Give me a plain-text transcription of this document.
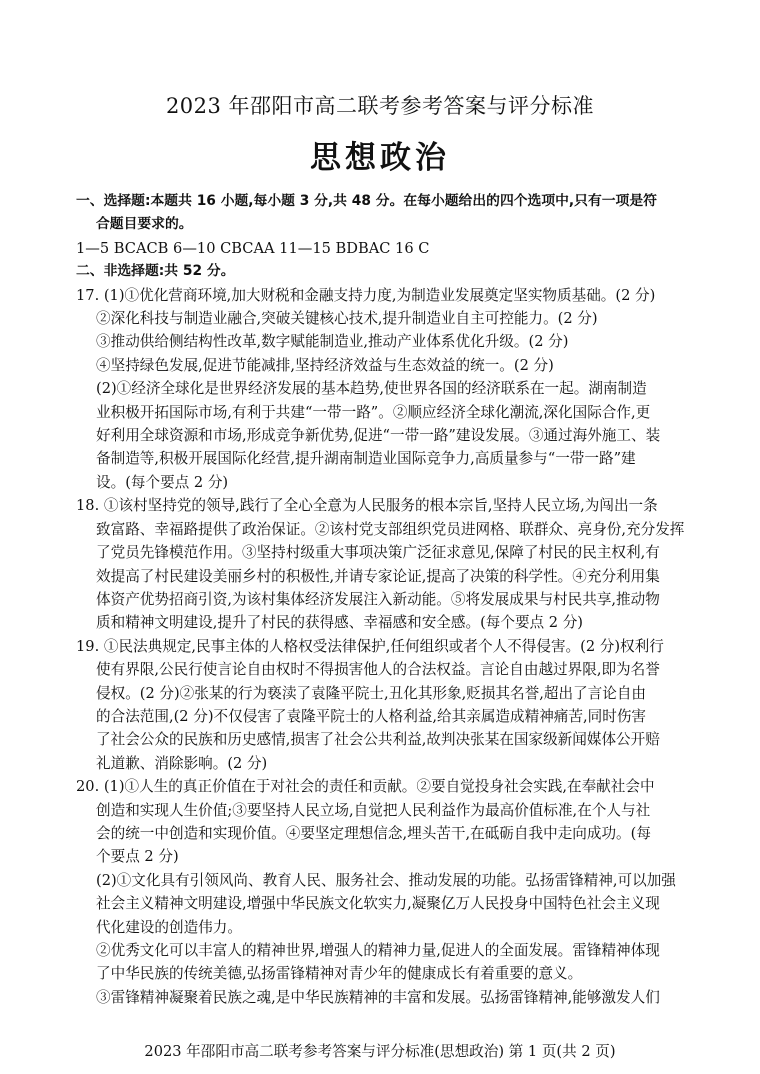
2023 年邵阳市高二联考参考答案与评分标准
思想政治
一、选择题:本题共 16 小题,每小题 3 分,共 48 分。在每小题给出的四个选项中,只有一项是符
合题目要求的。
1—5 BCACB 6—10 CBCAA 11—15 BDBAC 16 C
二、非选择题:共 52 分。
17. (1)①优化营商环境,加大财税和金融支持力度,为制造业发展奠定坚实物质基础。(2 分)
②深化科技与制造业融合,突破关键核心技术,提升制造业自主可控能力。(2 分)
③推动供给侧结构性改革,数字赋能制造业,推动产业体系优化升级。(2 分)
④坚持绿色发展,促进节能减排,坚持经济效益与生态效益的统一。(2 分)
(2)①经济全球化是世界经济发展的基本趋势,使世界各国的经济联系在一起。湖南制造
业积极开拓国际市场,有利于共建“一带一路”。②顺应经济全球化潮流,深化国际合作,更
好利用全球资源和市场,形成竞争新优势,促进“一带一路”建设发展。③通过海外施工、装
备制造等,积极开展国际化经营,提升湖南制造业国际竞争力,高质量参与“一带一路”建
设。(每个要点 2 分)
18. ①该村坚持党的领导,践行了全心全意为人民服务的根本宗旨,坚持人民立场,为闯出一条
致富路、幸福路提供了政治保证。②该村党支部组织党员进网格、联群众、亮身份,充分发挥
了党员先锋模范作用。③坚持村级重大事项决策广泛征求意见,保障了村民的民主权利,有
效提高了村民建设美丽乡村的积极性,并请专家论证,提高了决策的科学性。④充分利用集
体资产优势招商引资,为该村集体经济发展注入新动能。⑤将发展成果与村民共享,推动物
质和精神文明建设,提升了村民的获得感、幸福感和安全感。(每个要点 2 分)
19. ①民法典规定,民事主体的人格权受法律保护,任何组织或者个人不得侵害。(2 分)权利行
使有界限,公民行使言论自由权时不得损害他人的合法权益。言论自由越过界限,即为名誉
侵权。(2 分)②张某的行为亵渎了袁隆平院士,丑化其形象,贬损其名誉,超出了言论自由
的合法范围,(2 分)不仅侵害了袁隆平院士的人格利益,给其亲属造成精神痛苦,同时伤害
了社会公众的民族和历史感情,损害了社会公共利益,故判决张某在国家级新闻媒体公开赔
礼道歉、消除影响。(2 分)
20. (1)①人生的真正价值在于对社会的责任和贡献。②要自觉投身社会实践,在奉献社会中
创造和实现人生价值;③要坚持人民立场,自觉把人民利益作为最高价值标准,在个人与社
会的统一中创造和实现价值。④要坚定理想信念,埋头苦干,在砥砺自我中走向成功。(每
个要点 2 分)
(2)①文化具有引领风尚、教育人民、服务社会、推动发展的功能。弘扬雷锋精神,可以加强
社会主义精神文明建设,增强中华民族文化软实力,凝聚亿万人民投身中国特色社会主义现
代化建设的创造伟力。
②优秀文化可以丰富人的精神世界,增强人的精神力量,促进人的全面发展。雷锋精神体现
了中华民族的传统美德,弘扬雷锋精神对青少年的健康成长有着重要的意义。
③雷锋精神凝聚着民族之魂,是中华民族精神的丰富和发展。弘扬雷锋精神,能够激发人们
2023 年邵阳市高二联考参考答案与评分标准(思想政治) 第 1 页(共 2 页)
